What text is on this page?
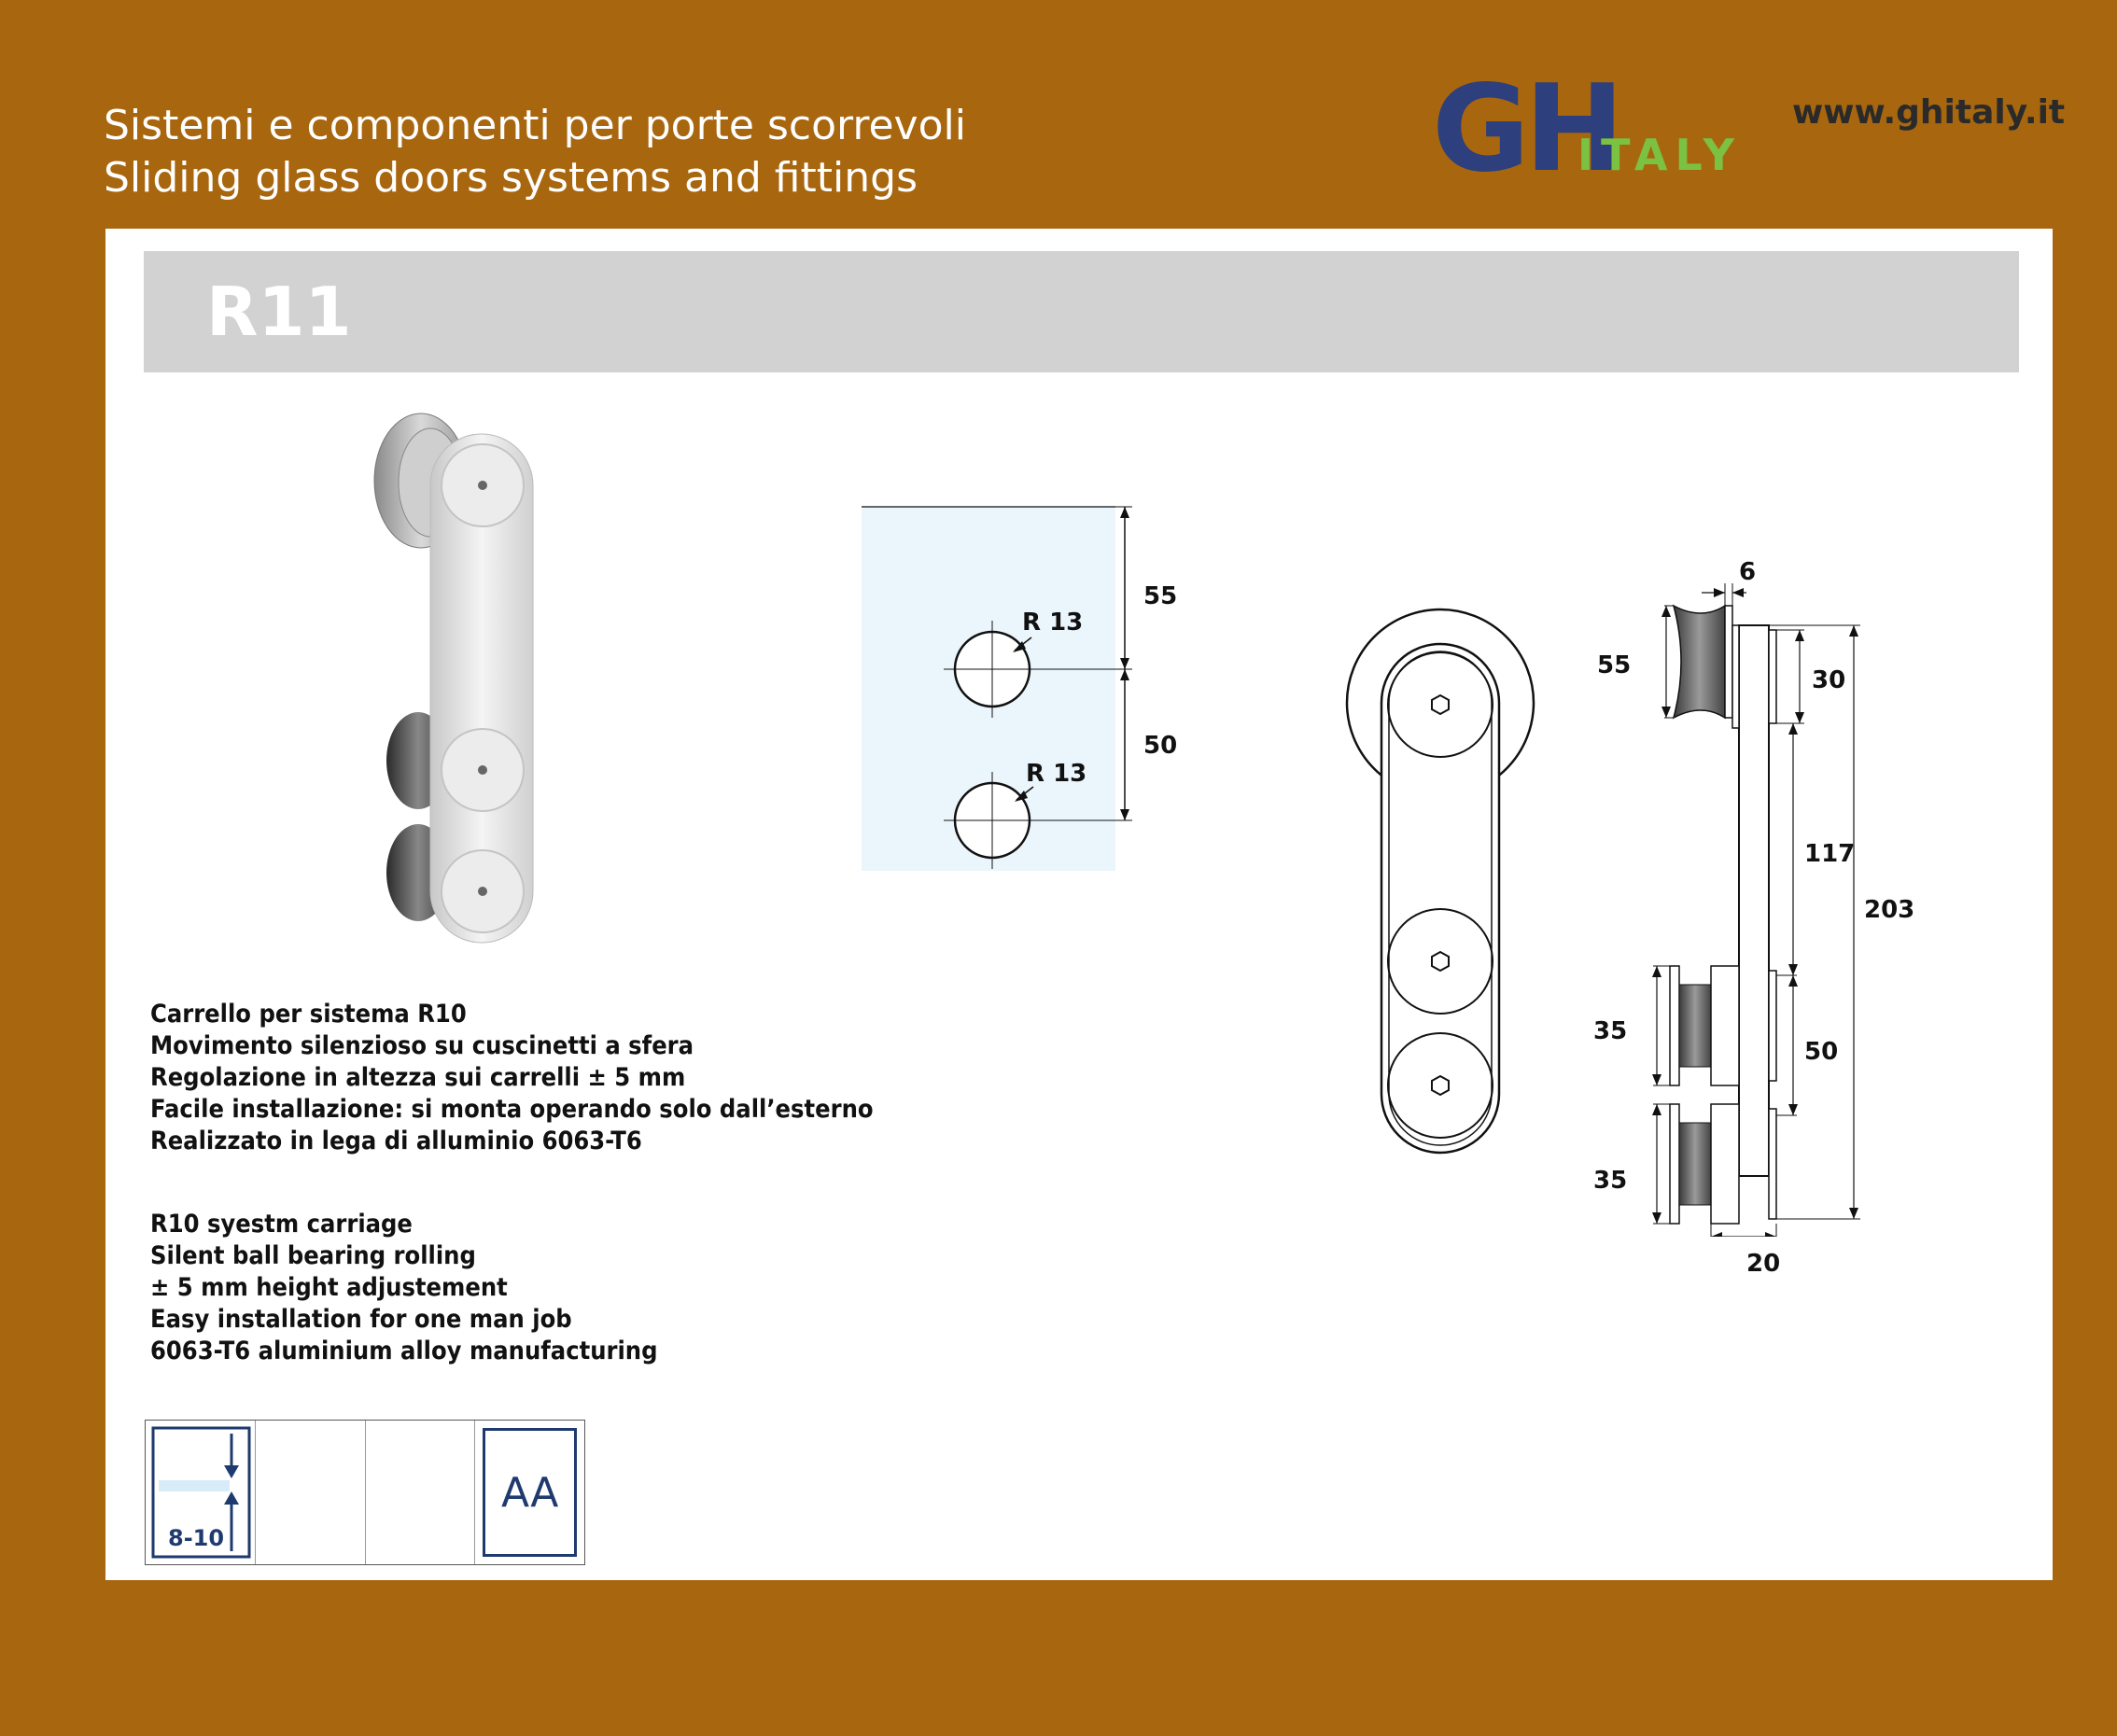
Sistemi e componenti per porte scorrevoli
Sliding glass doors systems and fittings	GH
ITALY
www.ghitaly.it
R11
Carrello per sistema R10
Movimento silenzioso su cuscinetti a sfera
Regolazione in altezza sui carrelli ± 5 mm
Facile installazione: si monta operando solo dall’esterno
Realizzato in lega di alluminio 6063-T6
R10 syestm carriage
Silent ball bearing rolling
± 5 mm height adjustement
Easy installation for one man job
6063-T6 aluminium alloy manufacturing
8-10
AA
55
50
R 13
R 13
6
55
30
117
50
203
35
35
20
